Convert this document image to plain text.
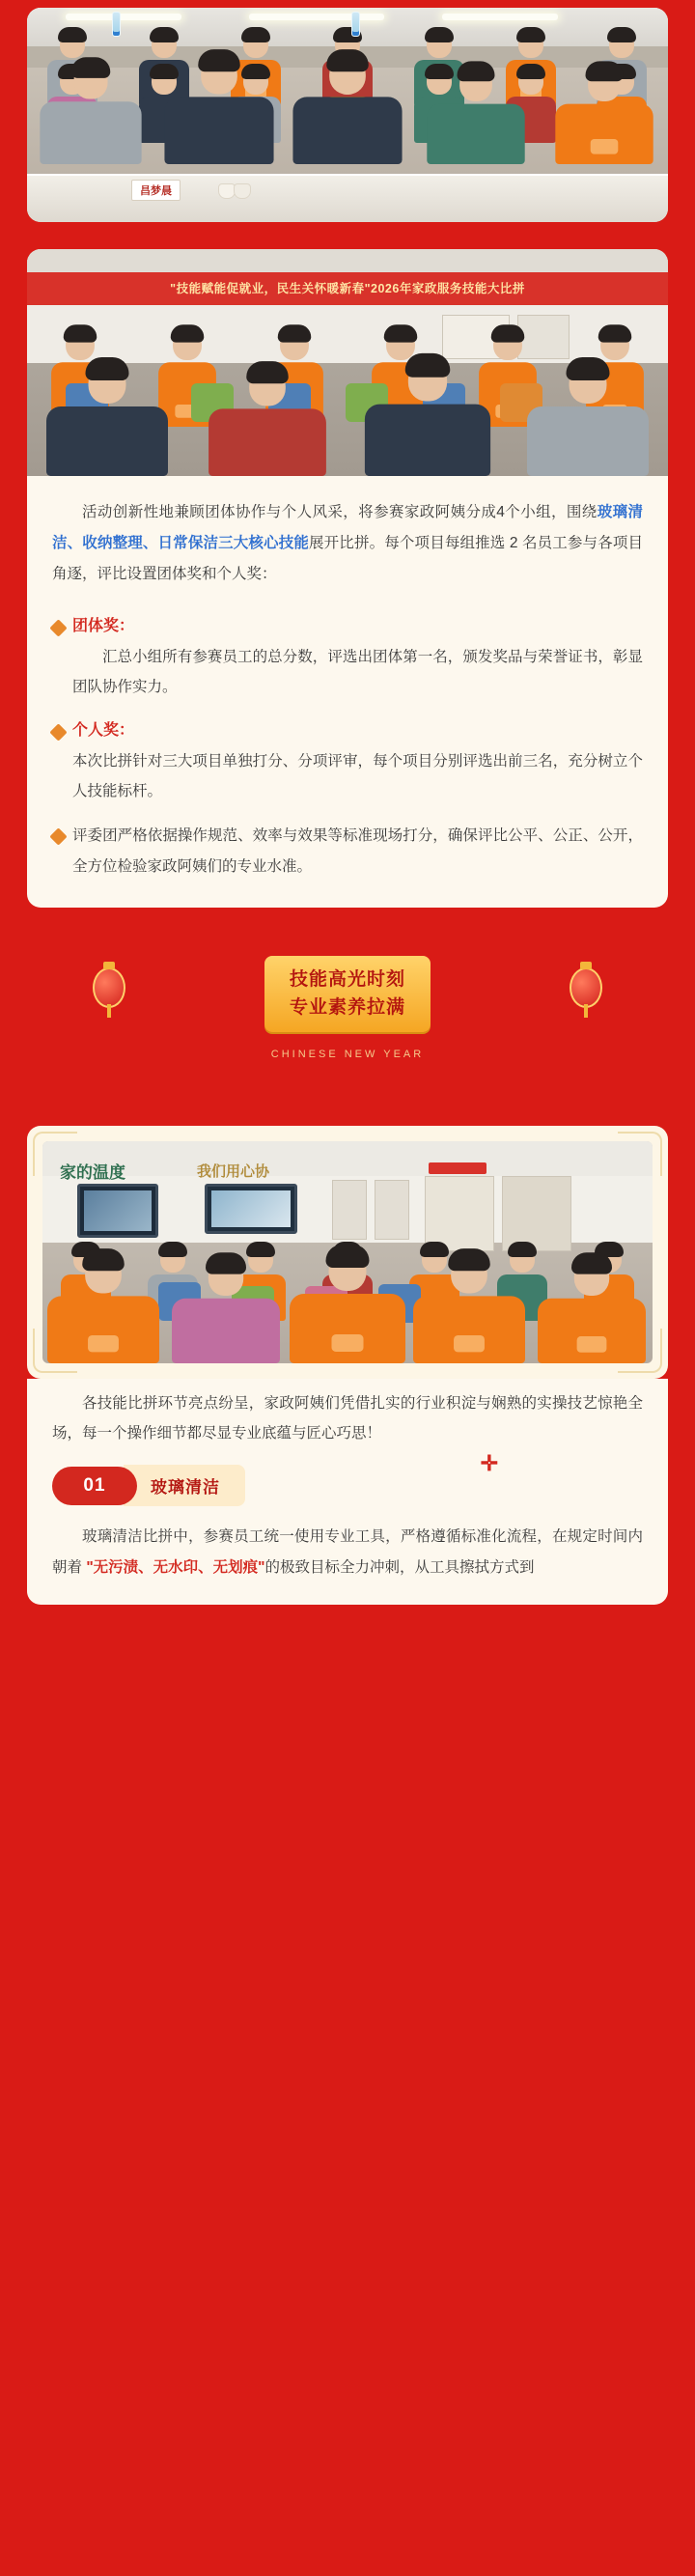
昌梦晨
"技能赋能促就业，民生关怀暖新春"2026年家政服务技能大比拼

活动创新性地兼顾团体协作与个人风采，将参赛家政阿姨分成4个小组，围绕玻璃清洁、收纳整理、日常保洁三大核心技能展开比拼。每个项目每组推选 2 名员工参与各项目角逐，评比设置团体奖和个人奖：

团体奖：
汇总小组所有参赛员工的总分数，评选出团体第一名，颁发奖品与荣誉证书，彰显团队协作实力。
个人奖：
本次比拼针对三大项目单独打分、分项评审，每个项目分别评选出前三名，充分树立个人技能标杆。
评委团严格依据操作规范、效率与效果等标准现场打分，确保评比公平、公正、公开，全方位检验家政阿姨们的专业水准。
技能高光时刻
专业素养拉满
CHINESE NEW YEAR
家的温度	我们用心协

各技能比拼环节亮点纷呈，家政阿姨们凭借扎实的行业积淀与娴熟的实操技艺惊艳全场，每一个操作细节都尽显专业底蕴与匠心巧思！

01	玻璃清洁
✛

玻璃清洁比拼中，参赛员工统一使用专业工具，严格遵循标准化流程，在规定时间内朝着 "无污渍、无水印、无划痕"的极致目标全力冲刺，从工具擦拭方式到
